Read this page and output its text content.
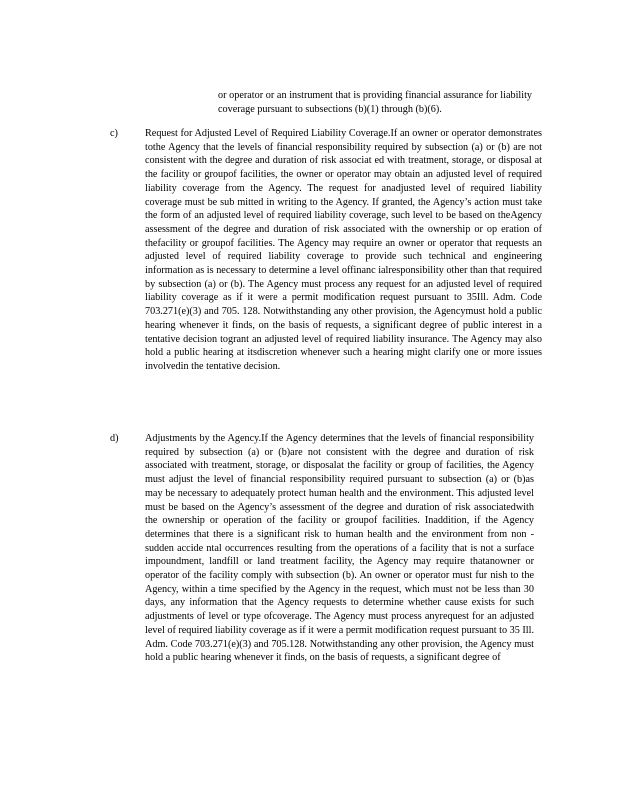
or operator or an instrument that is providing financial assurance for liability coverage pursuant to subsections (b)(1) through (b)(6).

c)	Request for Adjusted Level of Required Liability Coverage.If an owner or operator demonstrates tothe Agency that the levels of financial responsibility required by subsection (a) or (b) are not consistent with the degree and duration of risk associat ed with treatment, storage, or disposal at the facility or groupof facilities, the owner or operator may obtain an adjusted level of required liability coverage from the Agency. The request for anadjusted level of required liability coverage must be sub mitted in writing to the Agency. If granted, the Agency’s action must take the form of an adjusted level of required liability coverage, such level to be based on theAgency assessment of the degree and duration of risk associated with the ownership or op eration of thefacility or groupof facilities. The Agency may require an owner or operator that requests an adjusted level of required liability coverage to provide such technical and engineering information as is necessary to determine a level offinanc ialresponsibility other than that required by subsection (a) or (b). The Agency must process any request for an adjusted level of required liability coverage as if it were a permit modification request pursuant to 35Ill. Adm. Code 703.271(e)(3) and 705. 128. Notwithstanding any other provision, the Agencymust hold a public hearing whenever it finds, on the basis of requests, a significant degree of public interest in a tentative decision togrant an adjusted level of required liability insurance. The Agency may also hold a public hearing at itsdiscretion whenever such a hearing might clarify one or more issues involvedin the tentative decision.

d)	Adjustments by the Agency.If the Agency determines that the levels of financial responsibility required by subsection (a) or (b)are not consistent with the degree and duration of risk associated with treatment, storage, or disposalat the facility or group of facilities, the Agency must adjust the level of financial responsibility required pursuant to subsection (a) or (b)as may be necessary to adequately protect human health and the environment. This adjusted level must be based on the Agency’s assessment of the degree and duration of risk associatedwith the ownership or operation of the facility or groupof facilities. Inaddition, if the Agency determines that there is a significant risk to human health and the environment from non -sudden accide ntal occurrences resulting from the operations of a facility that is not a surface impoundment, landfill or land treatment facility, the Agency may require thatanowner or operator of the facility comply with subsection (b). An owner or operator must fur nish to the Agency, within a time specified by the Agency in the request, which must not be less than 30 days, any information that the Agency requests to determine whether cause exists for such adjustments of level or type ofcoverage. The Agency must process anyrequest for an adjusted level of required liability coverage as if it were a permit modification request pursuant to 35 Ill. Adm. Code 703.271(e)(3) and 705.128. Notwithstanding any other provision, the Agency must hold a public hearing whenever it finds, on the basis of requests, a significant degree of
